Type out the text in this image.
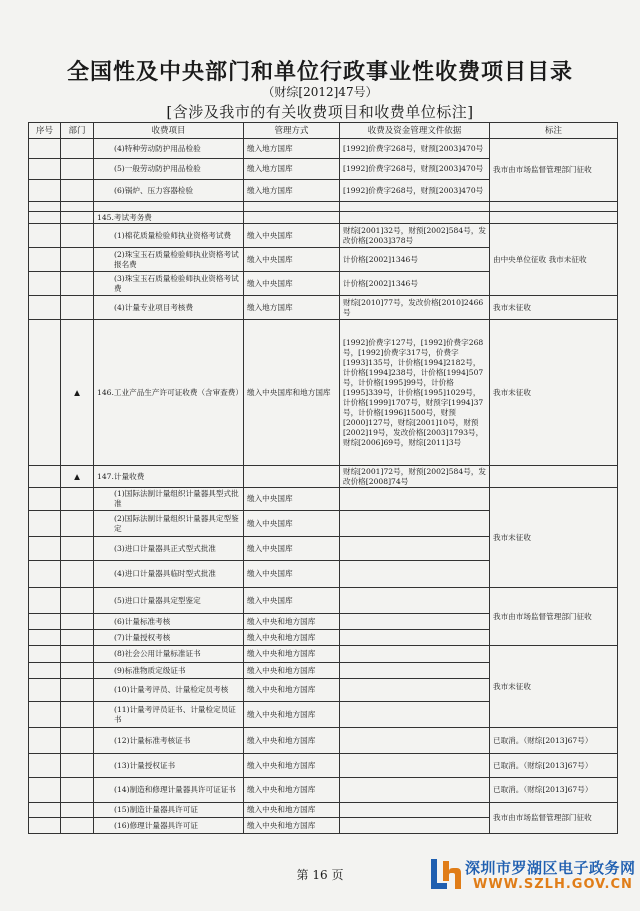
全国性及中央部门和单位行政事业性收费项目目录
（财综[2012]47号）
[含涉及我市的有关收费项目和收费单位标注]
序号	部门	收费项目	管理方式	收费及资金管理文件依据	标注
		(4)特种劳动防护用品检验	缴入地方国库	[1992]价费字268号，财预[2003]470号	我市由市场监督管理部门征收
		(5)一般劳动防护用品检验	缴入地方国库	[1992]价费字268号，财预[2003]470号	
		(6)锅炉、压力容器检验	缴入地方国库	[1992]价费字268号，财预[2003]470号	

		145.考试考务费			
		(1)棉花质量检验师执业资格考试费	缴入中央国库	财综[2001]32号，财预[2002]584号，发改价格[2003]378号	由中央单位征收 我市未征收
		(2)珠宝玉石质量检验师执业资格考试报名费	缴入中央国库	计价格[2002]1346号	
		(3)珠宝玉石质量检验师执业资格考试费	缴入中央国库	计价格[2002]1346号	
		(4)计量专业项目考核费	缴入地方国库	财综[2010]77号，发改价格[2010]2466号	我市未征收
	▲	146.工业产品生产许可证收费（含审查费）	缴入中央国库和地方国库	[1992]价费字127号，[1992]价费字268号，[1992]价费字317号，价费字[1993]135号，计价格[1994]2182号，计价格[1994]238号，计价格[1994]507号，计价格[1995]99号，计价格[1995]339号，计价格[1995]1029号，计价格[1999]1707号，财预字[1994]37号，计价格[1996]1500号，财预[2000]127号，财综[2001]10号，财预[2002]19号，发改价格[2003]1793号，财综[2006]69号，财综[2011]3号	我市未征收
	▲	147.计量收费		财综[2001]72号，财预[2002]584号，发改价格[2008]74号	
		(1)国际法制计量组织计量器具型式批准	缴入中央国库		我市未征收
		(2)国际法制计量组织计量器具定型鉴定	缴入中央国库		
		(3)进口计量器具正式型式批准	缴入中央国库		
		(4)进口计量器具临时型式批准	缴入中央国库		
		(5)进口计量器具定型鉴定	缴入中央国库		我市由市场监督管理部门征收
		(6)计量标准考核	缴入中央和地方国库		
		(7)计量授权考核	缴入中央和地方国库		
		(8)社会公用计量标准证书	缴入中央和地方国库		我市未征收
		(9)标准物质定级证书	缴入中央和地方国库		
		(10)计量考评员、计量检定员考核	缴入中央和地方国库		
		(11)计量考评员证书、计量检定员证书	缴入中央和地方国库		
		(12)计量标准考核证书	缴入中央和地方国库		已取消。（财综[2013]67号）
		(13)计量授权证书	缴入中央和地方国库		已取消。（财综[2013]67号）
		(14)制造和修理计量器具许可证证书	缴入中央和地方国库		已取消。（财综[2013]67号）
		(15)制造计量器具许可证	缴入中央和地方国库		我市由市场监督管理部门征收
		(16)修理计量器具许可证	缴入中央和地方国库		
第 16 页	深圳市罗湖区电子政务网
WWW.SZLH.GOV.CN
